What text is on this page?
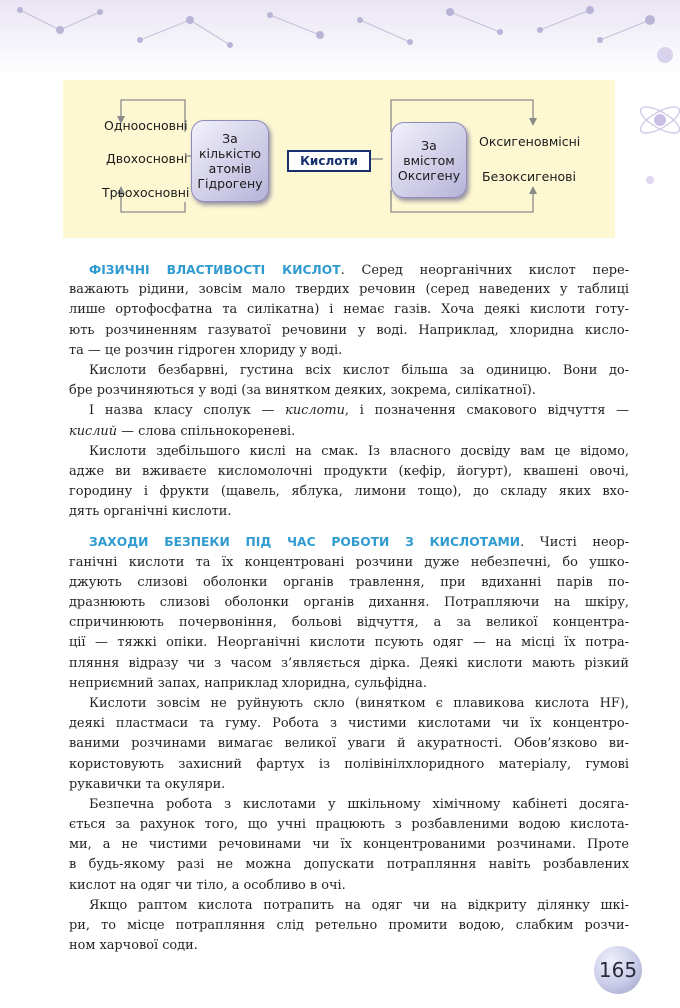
Одноосновні
Двохосновні
Трьохосновні
За
кількістю
атомів
Гідрогену
Кислоти
За
вмістом
Оксигену
Оксигеновмісні
Безоксигенові
ФІЗИЧНІ ВЛАСТИВОСТІ КИСЛОТ. Серед неорганічних кислот пере-
важають рідини, зовсім мало твердих речовин (серед наведених у таблиці
лише ортофосфатна та силікатна) і немає газів. Хоча деякі кислоти готу-
ють розчиненням газуватої речовини у воді. Наприклад, хлоридна кисло-
та — це розчин гідроген хлориду у воді.
Кислоти безбарвні, густина всіх кислот більша за одиницю. Вони до-
бре розчиняються у воді (за винятком деяких, зокрема, силікатної).
І назва класу сполук — кислоти, і позначення смакового відчуття —
кислий — слова спільнокореневі.
Кислоти здебільшого кислі на смак. Із власного досвіду вам це відомо,
адже ви вживаєте кисломолочні продукти (кефір, йогурт), квашені овочі,
городину і фрукти (щавель, яблука, лимони тощо), до складу яких вхо-
дять органічні кислоти.
ЗАХОДИ БЕЗПЕКИ ПІД ЧАС РОБОТИ З КИСЛОТАМИ. Чисті неор-
ганічні кислоти та їх концентровані розчини дуже небезпечні, бо ушко-
джують слизові оболонки органів травлення, при вдиханні парів по-
дразнюють слизові оболонки органів дихання. Потрапляючи на шкіру,
спричинюють почервоніння, больові відчуття, а за великої концентра-
ції — тяжкі опіки. Неорганічні кислоти псують одяг — на місці їх потра-
пляння відразу чи з часом з’являється дірка. Деякі кислоти мають різкий
неприємний запах, наприклад хлоридна, сульфідна.
Кислоти зовсім не руйнують скло (винятком є плавикова кислота HF),
деякі пластмаси та гуму. Робота з чистими кислотами чи їх концентро-
ваними розчинами вимагає великої уваги й акуратності. Обов’язково ви-
користовують захисний фартух із полівінілхлоридного матеріалу, гумові
рукавички та окуляри.
Безпечна робота з кислотами у шкільному хімічному кабінеті досяга-
ється за рахунок того, що учні працюють з розбавленими водою кислота-
ми, а не чистими речовинами чи їх концентрованими розчинами. Проте
в будь-якому разі не можна допускати потрапляння навіть розбавлених
кислот на одяг чи тіло, а особливо в очі.
Якщо раптом кислота потрапить на одяг чи на відкриту ділянку шкі-
ри, то місце потрапляння слід ретельно промити водою, слабким розчи-
ном харчової соди.
165
